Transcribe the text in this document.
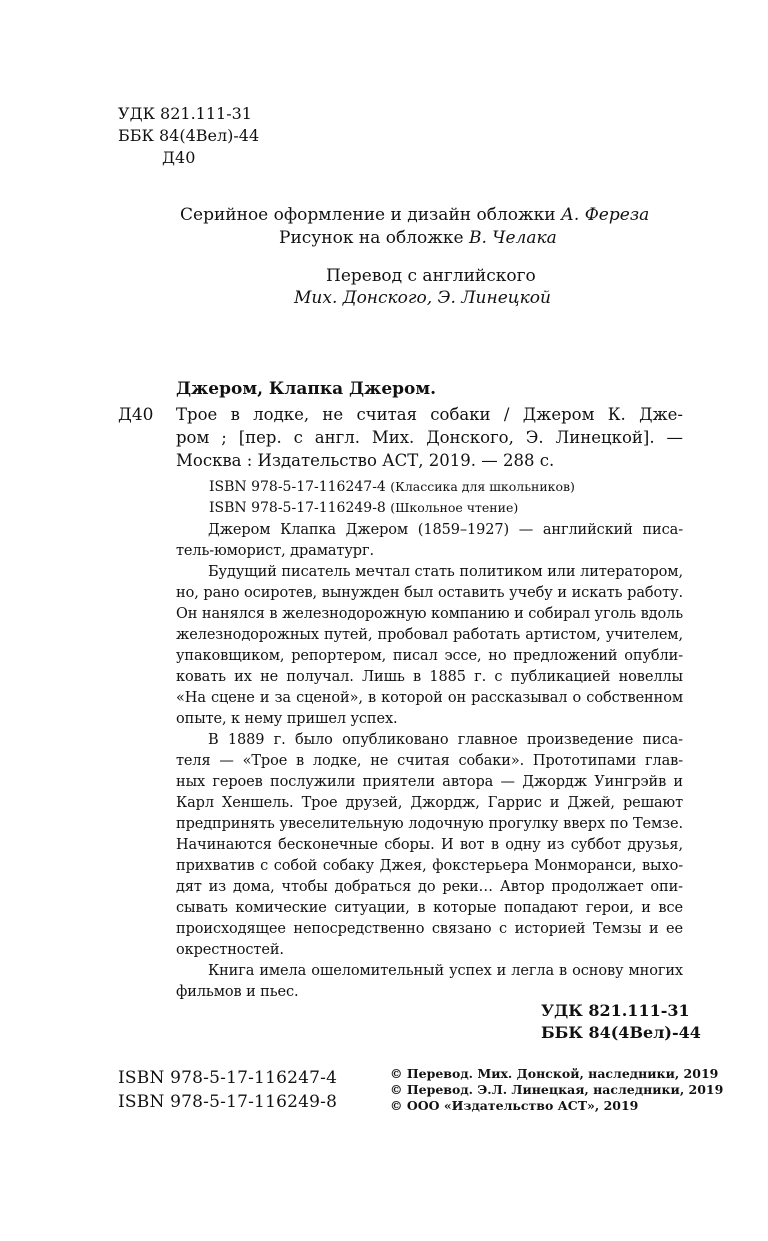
УДК 821.111-31
ББК 84(4Вел)-44
Д40
Серийное оформление и дизайн обложки А. Фереза
Рисунок на обложке В. Челака
Перевод с английского
Мих. Донского, Э. Линецкой
Джером, Клапка Джером.
Д40 Трое в лодке, не считая собаки / Джером К. Дже-
ром ; [пер. с англ. Мих. Донского, Э. Линецкой]. —
Москва : Издательство АСТ, 2019. — 288 с.
ISBN 978-5-17-116247-4 (Классика для школьников)
ISBN 978-5-17-116249-8 (Школьное чтение)
Джером Клапка Джером (1859–1927) — английский писа-
тель-юморист, драматург.
Будущий писатель мечтал стать политиком или литератором,
но, рано осиротев, вынужден был оставить учебу и искать работу.
Он нанялся в железнодорожную компанию и собирал уголь вдоль
железнодорожных путей, пробовал работать артистом, учителем,
упаковщиком, репортером, писал эссе, но предложений опубли-
ковать их не получал. Лишь в 1885 г. с публикацией новеллы
«На сцене и за сценой», в которой он рассказывал о собственном
опыте, к нему пришел успех.
В 1889 г. было опубликовано главное произведение писа-
теля — «Трое в лодке, не считая собаки». Прототипами глав-
ных героев послужили приятели автора — Джордж Уингрэйв и
Карл Хеншель. Трое друзей, Джордж, Гаррис и Джей, решают
предпринять увеселительную лодочную прогулку вверх по Темзе.
Начинаются бесконечные сборы. И вот в одну из суббот друзья,
прихватив с собой собаку Джея, фокстерьера Монморанси, выхо-
дят из дома, чтобы добраться до реки… Автор продолжает опи-
сывать комические ситуации, в которые попадают герои, и все
происходящее непосредственно связано с историей Темзы и ее
окрестностей.
Книга имела ошеломительный успех и легла в основу многих
фильмов и пьес.
УДК 821.111-31
ББК 84(4Вел)-44
ISBN 978-5-17-116247-4
ISBN 978-5-17-116249-8
© Перевод. Мих. Донской, наследники, 2019
© Перевод. Э.Л. Линецкая, наследники, 2019
© ООО «Издательство АСТ», 2019
